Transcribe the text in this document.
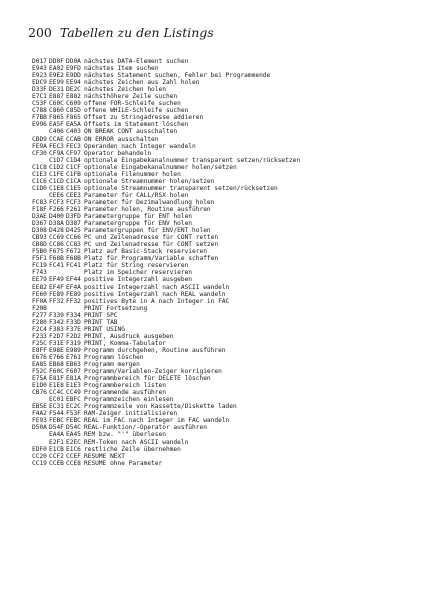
200 Tabellen zu den Listings
D017 DD0F DD0A nächstes DATA-Element suchen
E943 EA02 E9FD nächstes Item suchen
E923 E9E2 E9DD nächstes Statement suchen, Fehler bei Programmende
EDC9 EE99 EE94 nächstes Zeichen aus Zahl holen
D33F DE31 DE2C nächstes Zeichen holen
E7C1 E887 E882 nächsthöhere Zeile suchen
C53F C60C C609 offene FOR-Schleife suchen
C788 C860 C85D offene WHILE-Schleife suchen
F7BB F865 F865 Offset zu Stringadresse addieren
E996 EA5F EA5A Offsets im Statement löschen
C406 C403 ON BREAK CONT ausschalten
CBD9 CCAE CCAB ON ERROR ausschalten
FE9A FEC3 FEC3 Operanden nach Integer wandeln
CF30 CF9A CF97 Operator behandeln
C1D7 C1D4 optionale Eingabekanalnummer transparent setzen/rücksetzen
C1C8 C1D2 C1CF optionale Eingabekanalnummer holen/setzen
C1E3 C1FE C1FB optionale Filenummer holen
C1C6 C1CD C1CA optionale Streamnummer holen/setzen
C1D0 C1E8 C1E5 optionale Streamnummer transparent setzen/rücksetzen
CEE6 CEE3 Parameter für CALL/RSX holen
FC83 FCF3 FCF3 Parameter für Dezimalwandlung holen
F18F F266 F261 Parameter holen, Routine ausführen
D3AE D400 D3FD Parametergruppe für ENT holen
D367 D38A D387 Parametergruppe für ENV holen
D308 D428 D425 Parametergruppen für ENV/ENT holen
CB93 CC69 CC66 PC und Zeilenadresse für CONT retten
CB8D CC86 CC83 PC und Zeilenadresse für CONT setzen
F5B0 F675 F672 Platz auf Basic-Stack reservieren
F5F1 F68B F68B Platz für Programm/Variable schaffen
FC19 FC41 FC41 Platz für String reservieren
F743	Platz im Speicher reservieren
EE79 EF49 EF44 positive Integerzahl ausgeben
EE82 EF4F EF4A positive Integerzahl nach ASCII wandeln
FE60 FE89 FE89 positive Integerzahl nach REAL wandeln
FF0A FF32 FF32 positives Byte in A nach Integer in FAC
F20B	PRINT Fortsetzung
F277 F339 F334 PRINT SPC
F280 F342 F33D PRINT TAB
F2C4 F383 F37E PRINT USING
F233 F2D7 F2D2 PRINT, Ausdruck ausgeben
F25C F31E F319 PRINT, Komma-Tabulator
E8FF E98E E989 Programm durchgehen, Routine ausführen
E676 E766 E761 Programm löschen
EA85 EB68 EB63 Programm mergen
F52C F60C F607 Programm/Variablen-Zeiger korrigieren
E75A E81F E81A Programmbereich für DELETE löschen
E1D0 E1E8 E1E3 Programmbereich listen
CB76 CC4C CC49 Programmende ausführen
EC01 EBFC Programmzeichen einlesen
EB5E EC31 EC2C Programmzeile von Kassette/Diskette laden
F4A2 F544 F53F RAM-Zeiger initialisieren
FE93 FEBC FEBC REAL im FAC nach Integer im FAC wandeln
D50A D54F D54C REAL-Funktion/-Operator ausführen
EA4A EA45 REM bzw. "'" überlesen
E2F1 E2EC REM-Token nach ASCII wandeln
EDF0 E1CB E1C6 restliche Zeile übernehmen
CC20 CCF2 CCEF RESUME NEXT
CC19 CCEB CCE8 RESUME ohne Parameter
